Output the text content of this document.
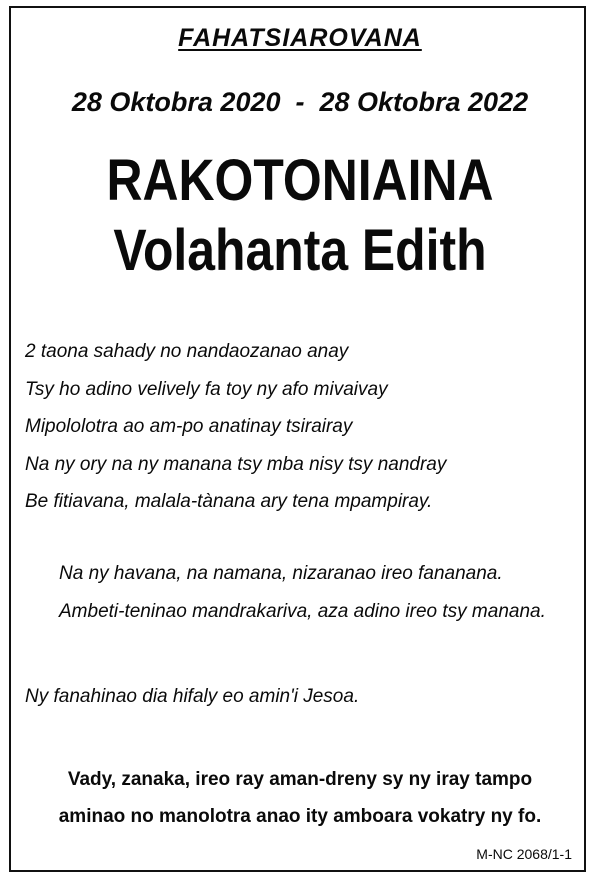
FAHATSIAROVANA
28 Oktobra 2020  -  28 Oktobra 2022
RAKOTONIAINA
Volahanta Edith
2 taona sahady no nandaozanao anay
Tsy ho adino velively fa toy ny afo mivaivay
Mipololotra ao am-po anatinay tsirairay
Na ny ory na ny manana tsy mba nisy tsy nandray
Be fitiavana, malala-tànana ary tena mpampiray.
Na ny havana, na namana, nizaranao ireo fananana.
Ambeti-teninao mandrakariva, aza adino ireo tsy manana.
Ny fanahinao dia hifaly eo amin'i Jesoa.
Vady, zanaka, ireo ray aman-dreny sy ny iray tampo
aminao no manolotra anao ity amboara vokatry ny fo.
M-NC 2068/1-1
